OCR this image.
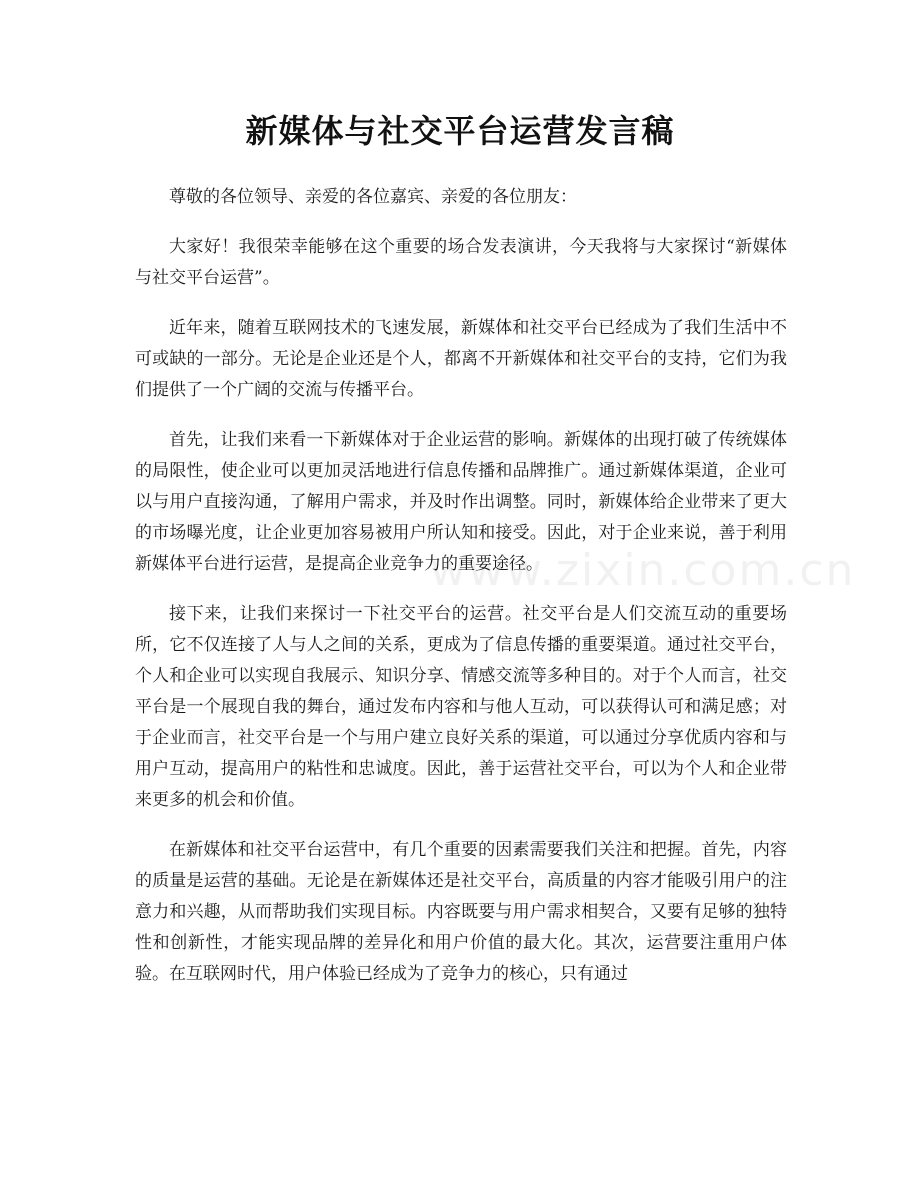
新媒体与社交平台运营发言稿
www.zixin.com.cn

尊敬的各位领导、亲爱的各位嘉宾、亲爱的各位朋友：

大家好！我很荣幸能够在这个重要的场合发表演讲，今天我将与大家探讨“新媒体与社交平台运营”。

近年来，随着互联网技术的飞速发展，新媒体和社交平台已经成为了我们生活中不可或缺的一部分。无论是企业还是个人，都离不开新媒体和社交平台的支持，它们为我们提供了一个广阔的交流与传播平台。

首先，让我们来看一下新媒体对于企业运营的影响。新媒体的出现打破了传统媒体的局限性，使企业可以更加灵活地进行信息传播和品牌推广。通过新媒体渠道，企业可以与用户直接沟通，了解用户需求，并及时作出调整。同时，新媒体给企业带来了更大的市场曝光度，让企业更加容易被用户所认知和接受。因此，对于企业来说，善于利用新媒体平台进行运营，是提高企业竞争力的重要途径。

接下来，让我们来探讨一下社交平台的运营。社交平台是人们交流互动的重要场所，它不仅连接了人与人之间的关系，更成为了信息传播的重要渠道。通过社交平台，个人和企业可以实现自我展示、知识分享、情感交流等多种目的。对于个人而言，社交平台是一个展现自我的舞台，通过发布内容和与他人互动，可以获得认可和满足感；对于企业而言，社交平台是一个与用户建立良好关系的渠道，可以通过分享优质内容和与用户互动，提高用户的粘性和忠诚度。因此，善于运营社交平台，可以为个人和企业带来更多的机会和价值。

在新媒体和社交平台运营中，有几个重要的因素需要我们关注和把握。首先，内容的质量是运营的基础。无论是在新媒体还是社交平台，高质量的内容才能吸引用户的注意力和兴趣，从而帮助我们实现目标。内容既要与用户需求相契合，又要有足够的独特性和创新性，才能实现品牌的差异化和用户价值的最大化。其次，运营要注重用户体验。在互联网时代，用户体验已经成为了竞争力的核心，只有通过
